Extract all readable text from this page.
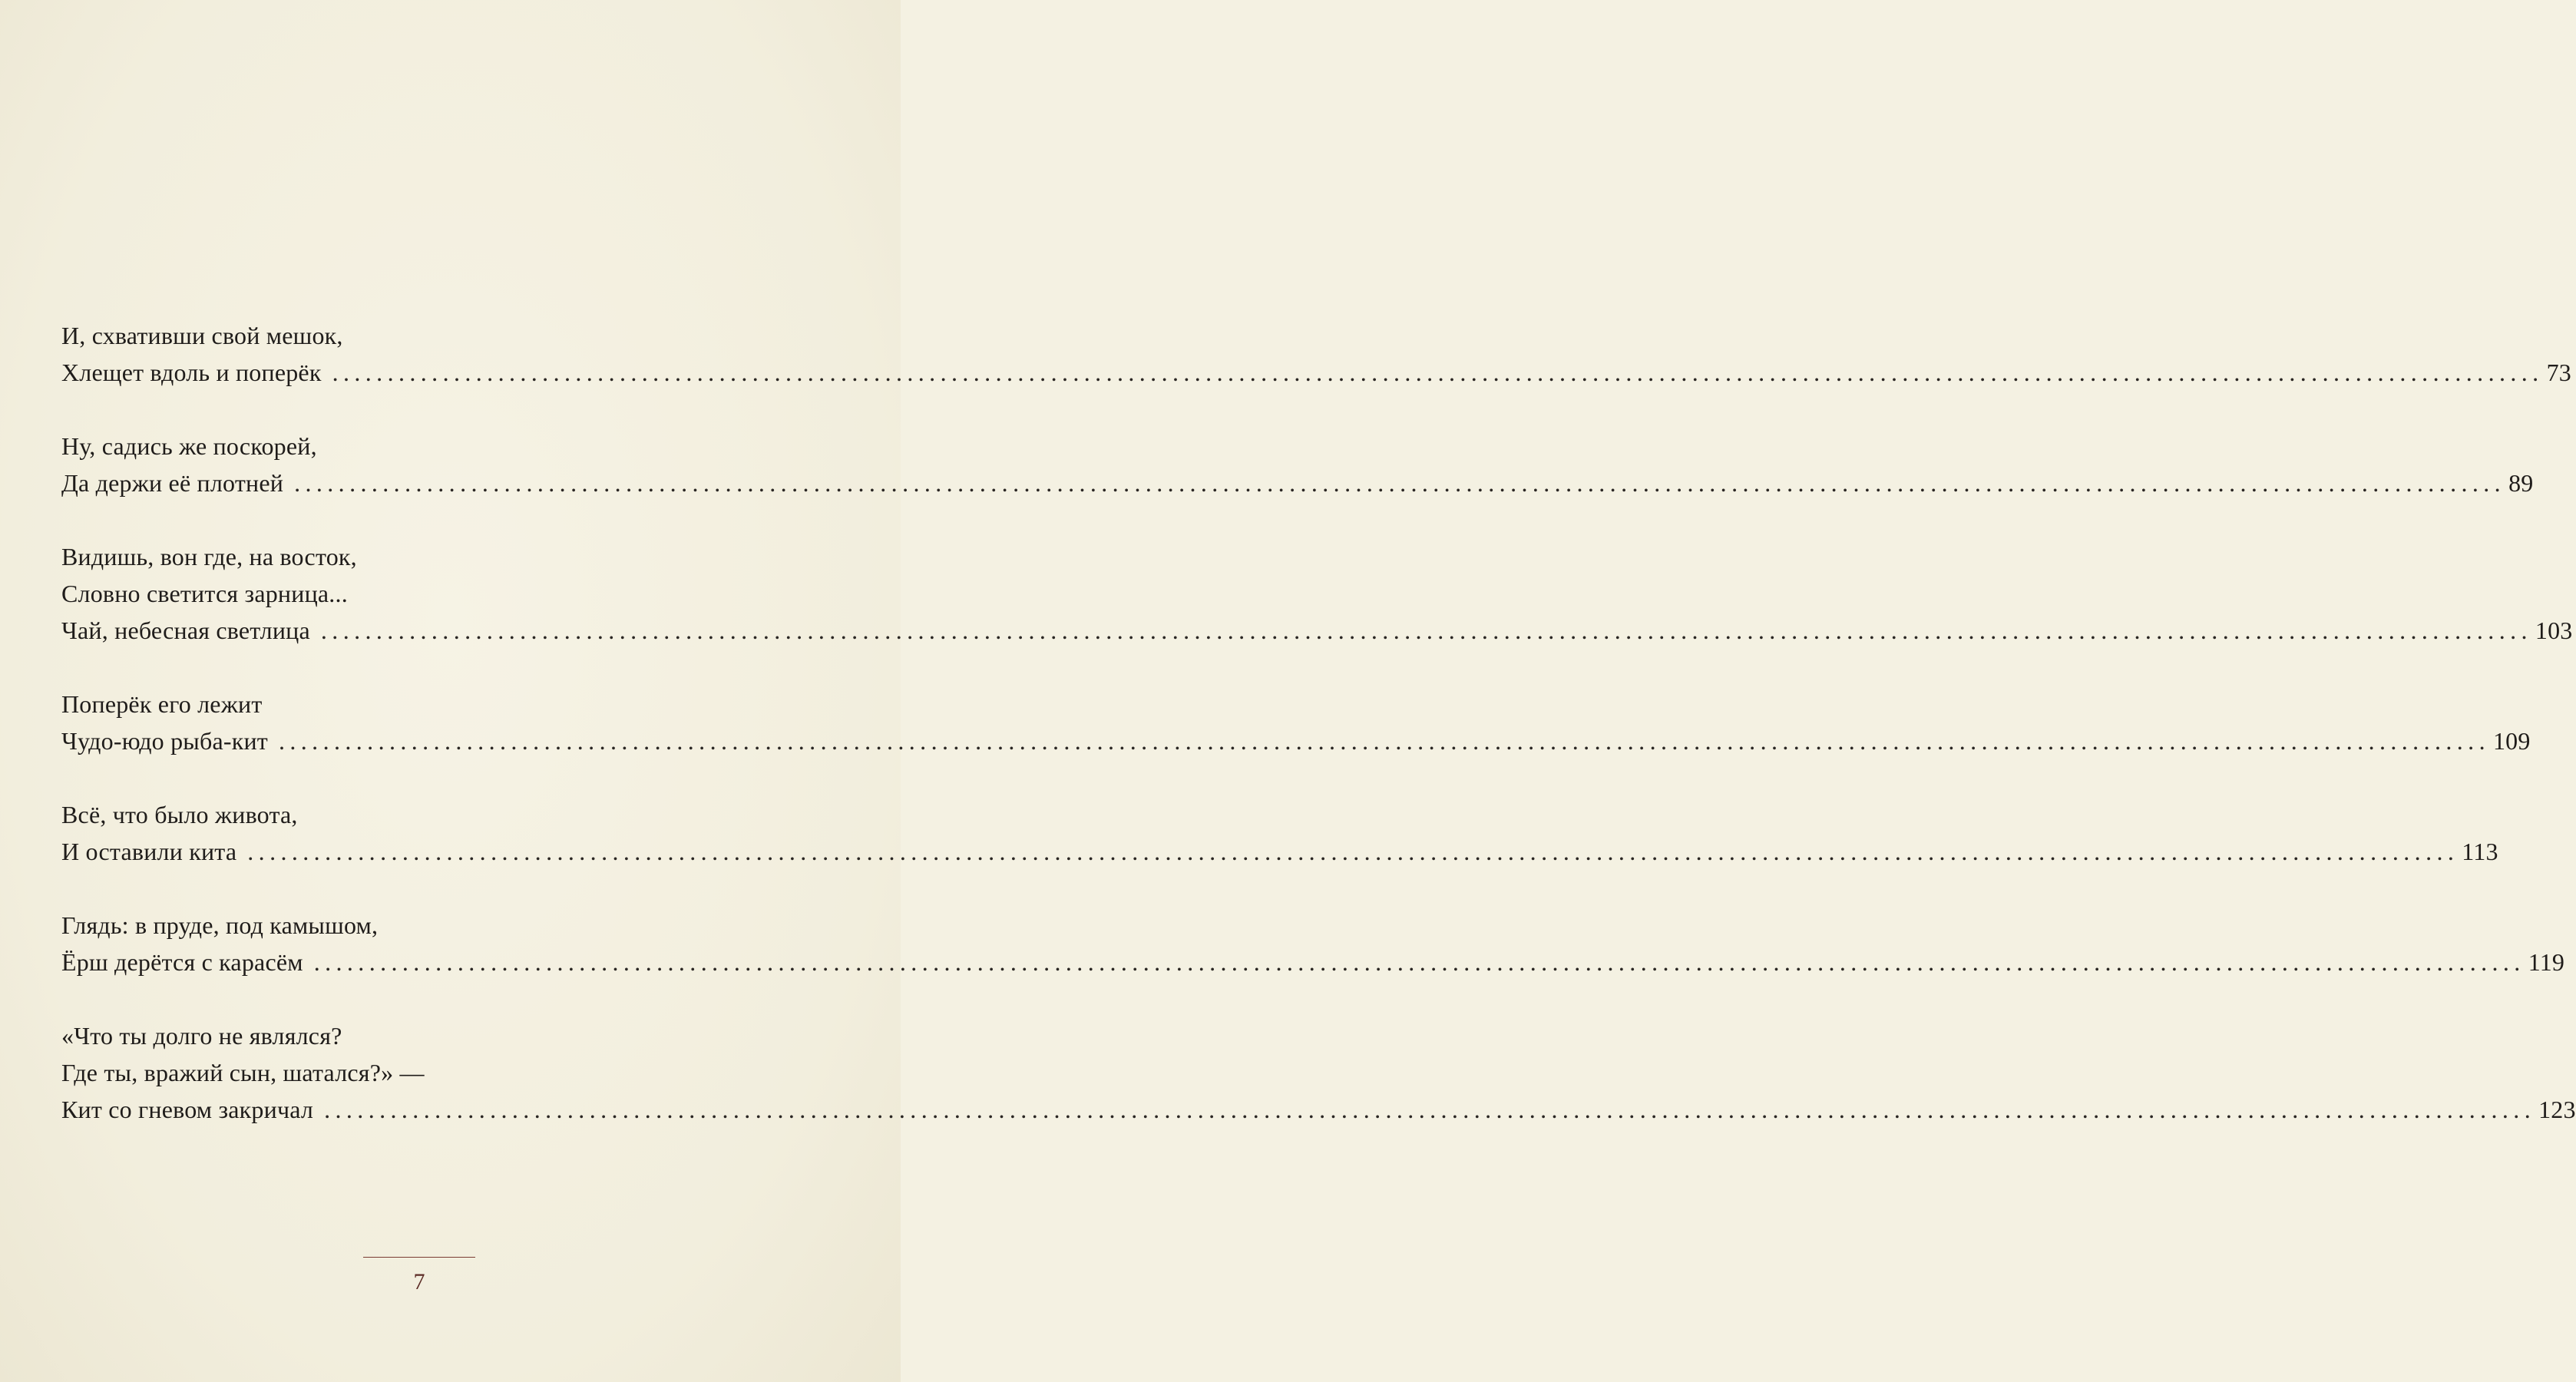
И, схвативши свой мешок,
Хлещет вдоль и поперёк ........................................................................................................................................................................................................ 73
Ну, садись же поскорей,
Да держи её плотней ........................................................................................................................................................................................................ 89
Видишь, вон где, на восток,
Словно светится зарница...
Чай, небесная светлица ........................................................................................................................................................................................................ 103
Поперёк его лежит
Чудо-юдо рыба-кит ........................................................................................................................................................................................................ 109
Всё, что было живота,
И оставили кита ........................................................................................................................................................................................................ 113
Глядь: в пруде, под камышом,
Ёрш дерётся с карасём ........................................................................................................................................................................................................ 119
«Что ты долго не являлся?
Где ты, вражий сын, шатался?» —
Кит со гневом закричал ........................................................................................................................................................................................................ 123
7
